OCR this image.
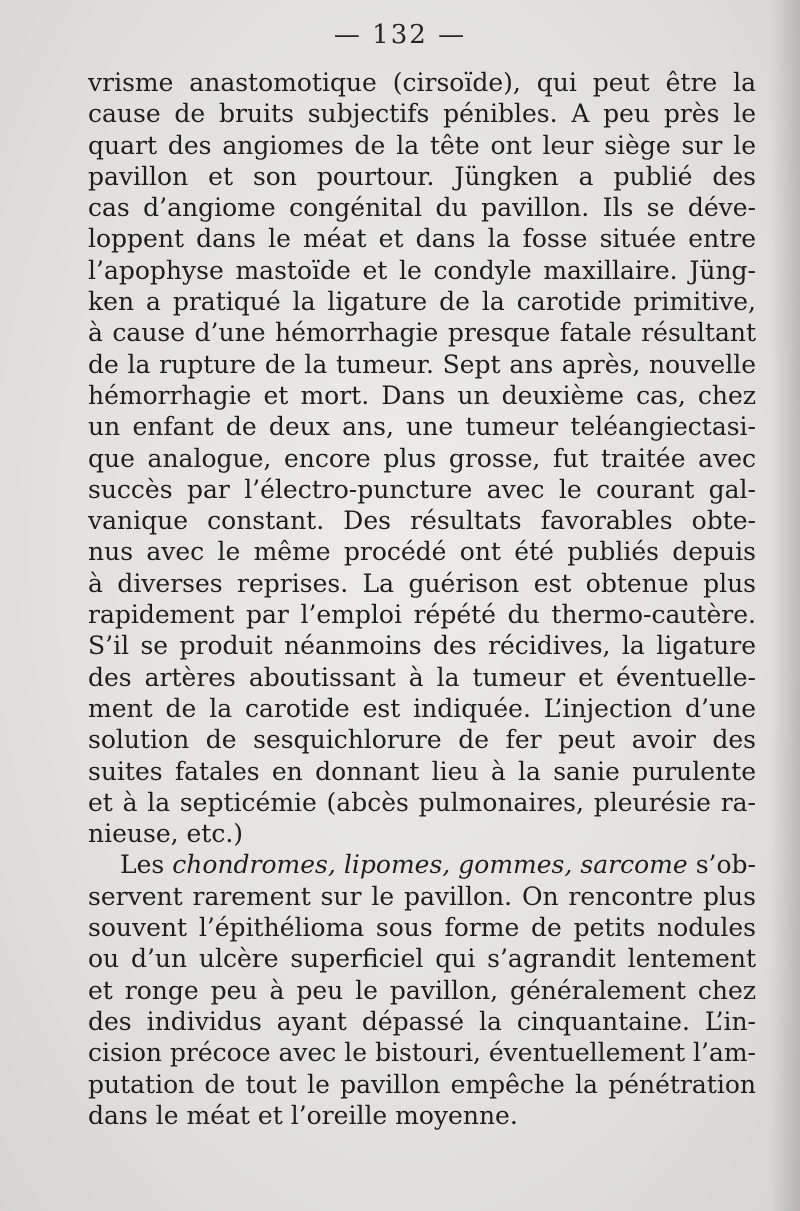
— 132 —
vrisme anastomotique (cirsoïde), qui peut être la
cause de bruits subjectifs pénibles. A peu près le
quart des angiomes de la tête ont leur siège sur le
pavillon et son pourtour. Jüngken a publié des
cas d’angiome congénital du pavillon. Ils se déve-
loppent dans le méat et dans la fosse située entre
l’apophyse mastoïde et le condyle maxillaire. Jüng-
ken a pratiqué la ligature de la carotide primitive,
à cause d’une hémorrhagie presque fatale résultant
de la rupture de la tumeur. Sept ans après, nouvelle
hémorrhagie et mort. Dans un deuxième cas, chez
un enfant de deux ans, une tumeur teléangiectasi-
que analogue, encore plus grosse, fut traitée avec
succès par l’électro-puncture avec le courant gal-
vanique constant. Des résultats favorables obte-
nus avec le même procédé ont été publiés depuis
à diverses reprises. La guérison est obtenue plus
rapidement par l’emploi répété du thermo-cautère.
S’il se produit néanmoins des récidives, la ligature
des artères aboutissant à la tumeur et éventuelle-
ment de la carotide est indiquée. L’injection d’une
solution de sesquichlorure de fer peut avoir des
suites fatales en donnant lieu à la sanie purulente
et à la septicémie (abcès pulmonaires, pleurésie ra-
nieuse, etc.)
Les chondromes, lipomes, gommes, sarcome s’ob-
servent rarement sur le pavillon. On rencontre plus
souvent l’épithélioma sous forme de petits nodules
ou d’un ulcère superficiel qui s’agrandit lentement
et ronge peu à peu le pavillon, généralement chez
des individus ayant dépassé la cinquantaine. L’in-
cision précoce avec le bistouri, éventuellement l’am-
putation de tout le pavillon empêche la pénétration
dans le méat et l’oreille moyenne.
